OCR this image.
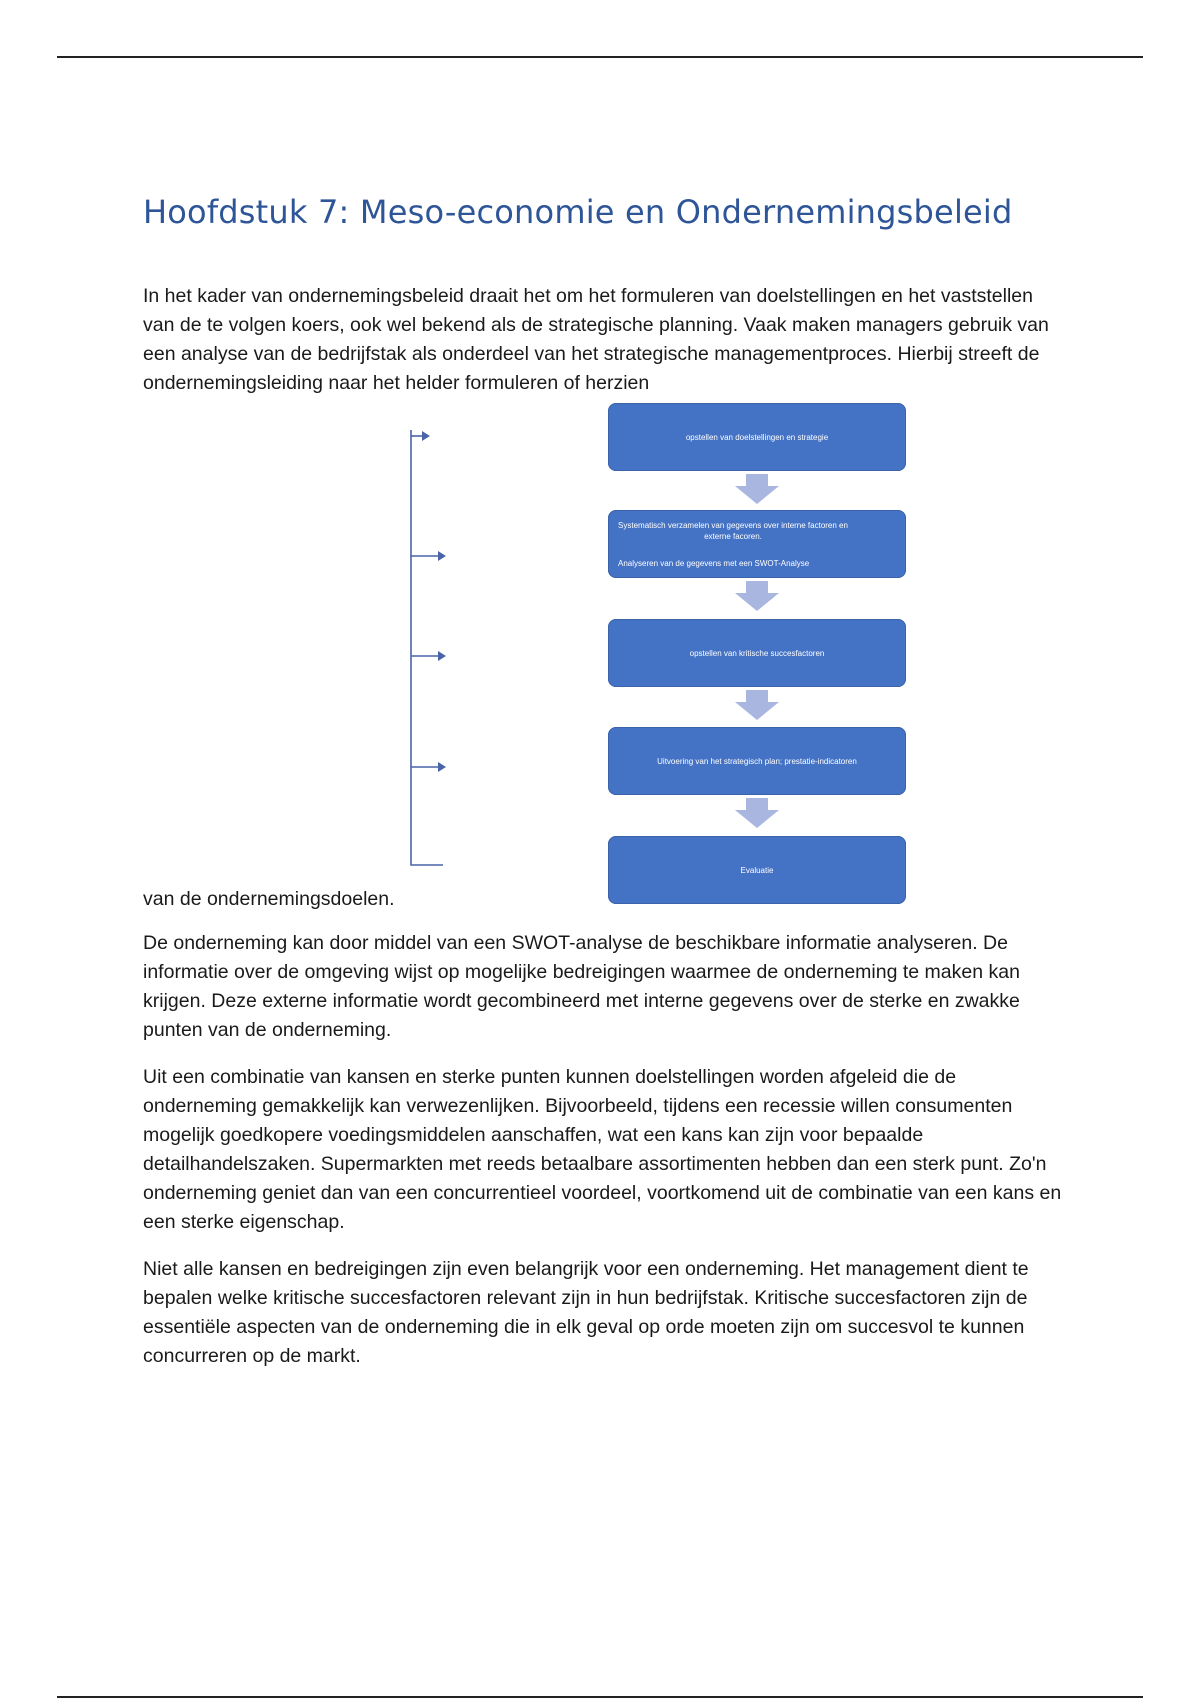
Hoofdstuk 7: Meso-economie en Ondernemingsbeleid

In het kader van ondernemingsbeleid draait het om het formuleren van doelstellingen en het vaststellen van de te volgen koers, ook wel bekend als de strategische planning. Vaak maken managers gebruik van een analyse van de bedrijfstak als onderdeel van het strategische managementproces. Hierbij streeft de ondernemingsleiding naar het helder formuleren of herzien

opstellen van doelstellingen en strategie
Systematisch verzamelen van gegevens over interne factoren en externe facoren.
Analyseren van de gegevens met een SWOT-Analyse
opstellen van kritische succesfactoren
Uitvoering van het strategisch plan; prestatie-indicatoren
Evaluatie

van de ondernemingsdoelen.

De onderneming kan door middel van een SWOT-analyse de beschikbare informatie analyseren. De informatie over de omgeving wijst op mogelijke bedreigingen waarmee de onderneming te maken kan krijgen. Deze externe informatie wordt gecombineerd met interne gegevens over de sterke en zwakke punten van de onderneming.

Uit een combinatie van kansen en sterke punten kunnen doelstellingen worden afgeleid die de onderneming gemakkelijk kan verwezenlijken. Bijvoorbeeld, tijdens een recessie willen consumenten mogelijk goedkopere voedingsmiddelen aanschaffen, wat een kans kan zijn voor bepaalde detailhandelszaken. Supermarkten met reeds betaalbare assortimenten hebben dan een sterk punt. Zo'n onderneming geniet dan van een concurrentieel voordeel, voortkomend uit de combinatie van een kans en een sterke eigenschap.

Niet alle kansen en bedreigingen zijn even belangrijk voor een onderneming. Het management dient te bepalen welke kritische succesfactoren relevant zijn in hun bedrijfstak. Kritische succesfactoren zijn de essentiële aspecten van de onderneming die in elk geval op orde moeten zijn om succesvol te kunnen concurreren op de markt.
